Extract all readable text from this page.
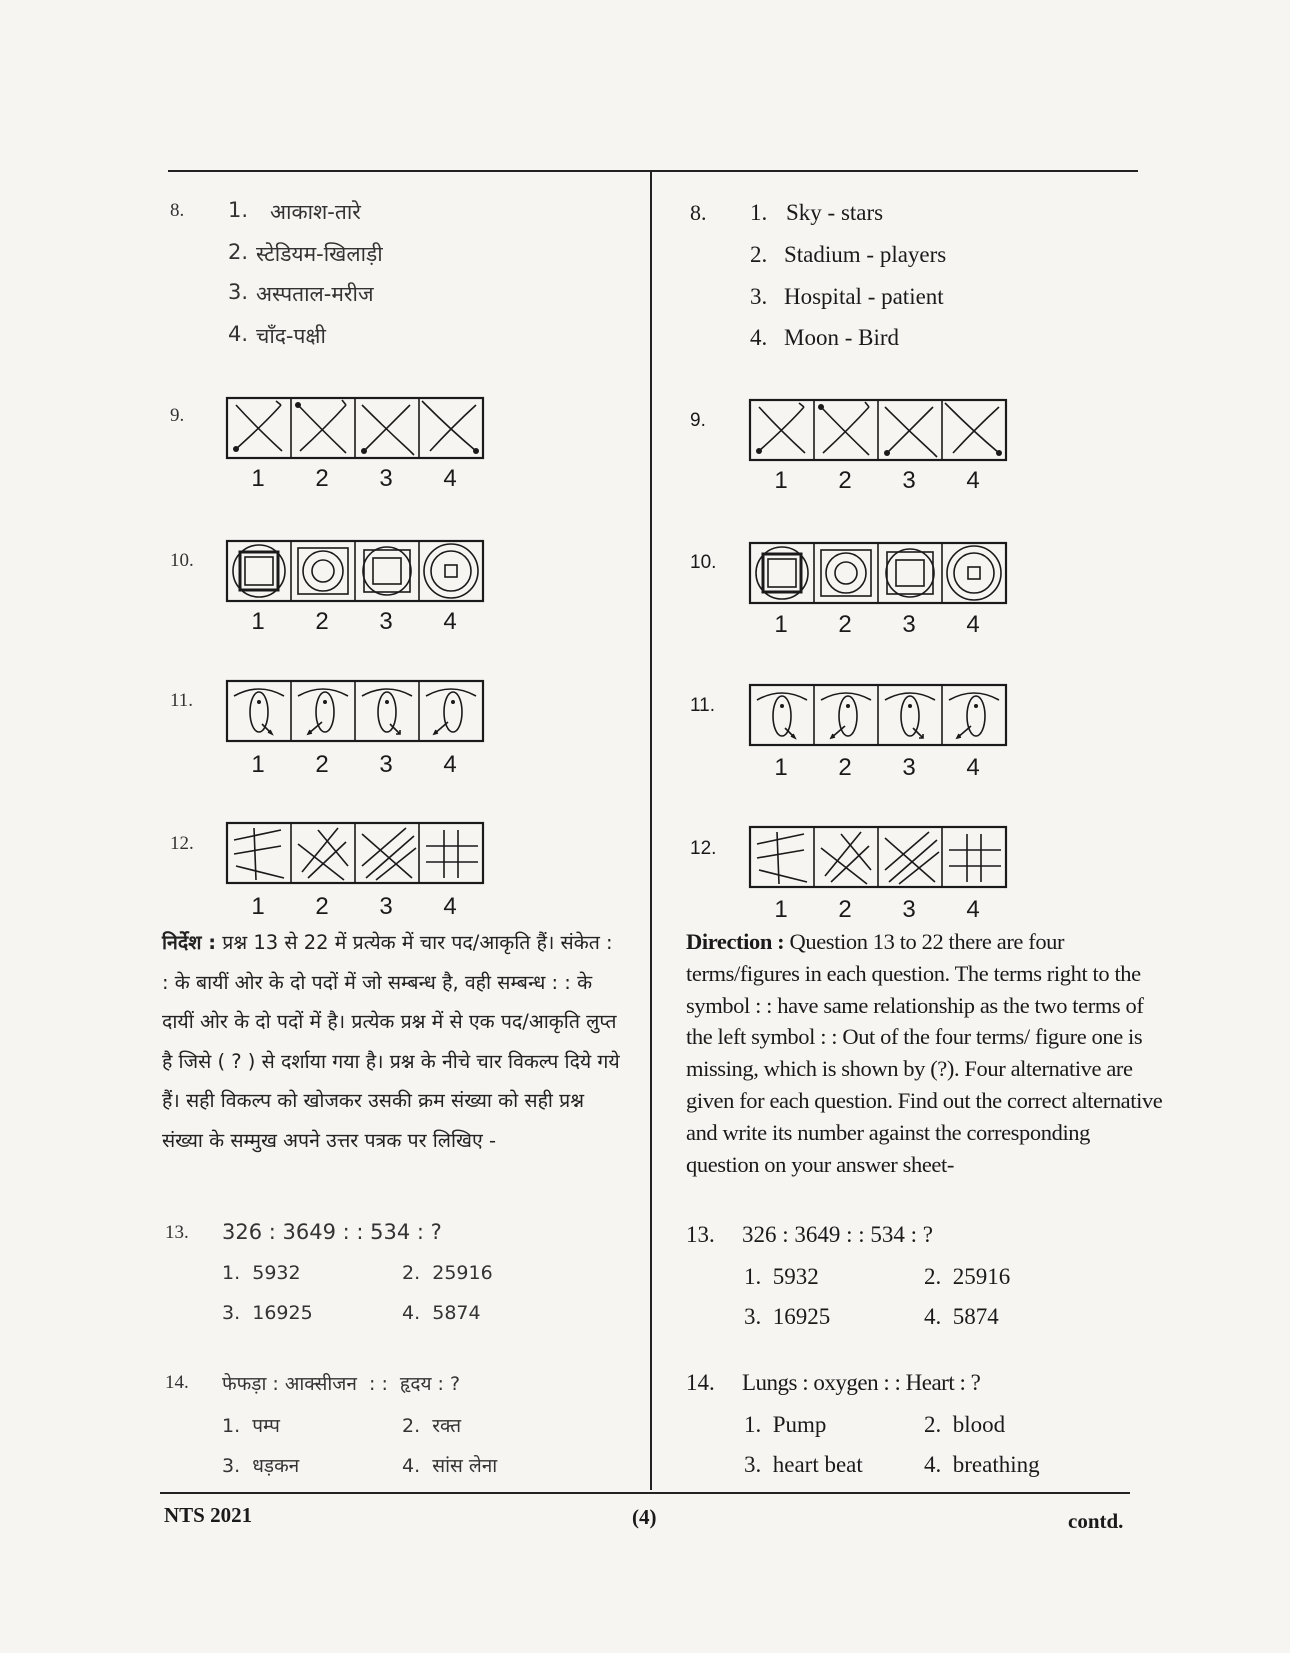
8. 1. आकाश-तारे
2. स्टेडियम-खिलाड़ी
3. अस्पताल-मरीज
4. चाँद-पक्षी
9.
1	2	3	4
10.
1	2	3	4
11.
1	2	3	4
12.
1	2	3	4
निर्देश : प्रश्न 13 से 22 में प्रत्येक में चार पद/आकृति हैं। संकेत : : के बायीं ओर के दो पदों में जो सम्बन्ध है, वही सम्बन्ध : : के दायीं ओर के दो पदों में है। प्रत्येक प्रश्न में से एक पद/आकृति लुप्त है जिसे ( ? ) से दर्शाया गया है। प्रश्न के नीचे चार विकल्प दिये गये हैं। सही विकल्प को खोजकर उसकी क्रम संख्या को सही प्रश्न संख्या के सम्मुख अपने उत्तर पत्रक पर लिखिए -
13. 326 : 3649 : : 534 : ?
1. 5932	2. 25916
3. 16925	4. 5874
14. फेफड़ा : आक्सीजन  : :  हृदय : ?
1. पम्प	2. रक्त
3. धड़कन	4. सांस लेना
8. 1. Sky - stars
2. Stadium - players
3. Hospital - patient
4. Moon - Bird
9.
1	2	3	4
10.
1	2	3	4
11.
1	2	3	4
12.
1	2	3	4
Direction : Question 13 to 22 there are four terms/figures in each question. The terms right to the symbol : : have same relationship as the two terms of the left symbol : : Out of the four terms/ figure one is missing, which is shown by (?). Four alternative are given for each question. Find out the correct alternative and write its number against the corresponding question on your answer sheet-
13. 326 : 3649 : : 534 : ?
1. 5932	2. 25916
3. 16925	4. 5874
14. Lungs : oxygen : : Heart : ?
1. Pump	2. blood
3. heart beat	4. breathing
NTS 2021	(4)	contd.
